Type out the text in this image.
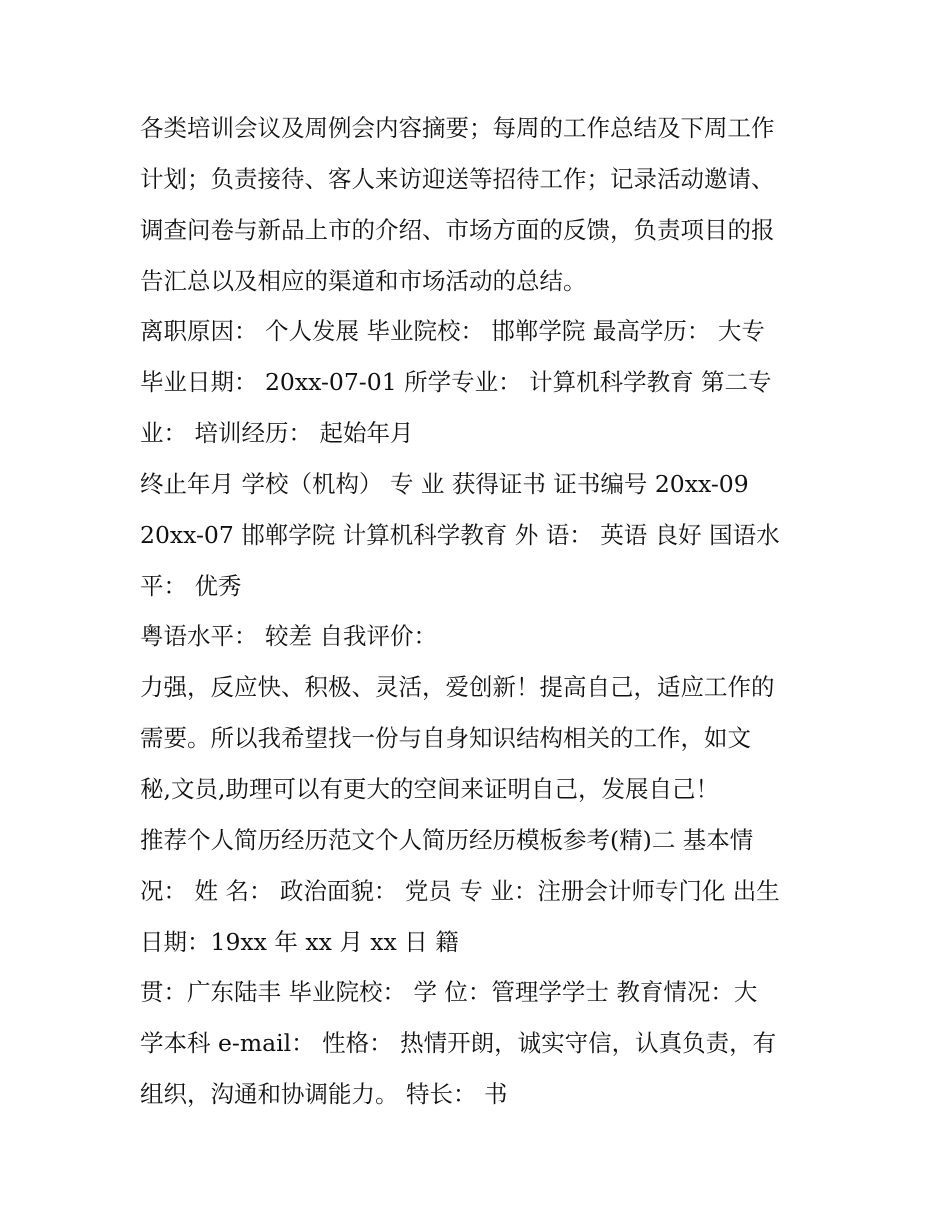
各类培训会议及周例会内容摘要；每周的工作总结及下周工作
计划；负责接待、客人来访迎送等招待工作；记录活动邀请、
调查问卷与新品上市的介绍、市场方面的反馈，负责项目的报
告汇总以及相应的渠道和市场活动的总结。
离职原因： 个人发展 毕业院校： 邯郸学院 最高学历： 大专
毕业日期： 20xx-07-01 所学专业： 计算机科学教育 第二专
业： 培训经历： 起始年月
终止年月 学校（机构） 专 业 获得证书 证书编号 20xx-09
20xx-07 邯郸学院 计算机科学教育 外 语： 英语 良好 国语水
平： 优秀
粤语水平： 较差 自我评价：
力强，反应快、积极、灵活，爱创新！提高自己，适应工作的
需要。所以我希望找一份与自身知识结构相关的工作，如文
秘,文员,助理可以有更大的空间来证明自己，发展自己！
推荐个人简历经历范文个人简历经历模板参考(精)二 基本情
况： 姓 名： 政治面貌： 党员 专 业：注册会计师专门化 出生
日期：19xx 年 xx 月 xx 日 籍
贯：广东陆丰 毕业院校： 学 位：管理学学士 教育情况：大
学本科 e-mail： 性格： 热情开朗，诚实守信，认真负责，有
组织，沟通和协调能力。 特长： 书
